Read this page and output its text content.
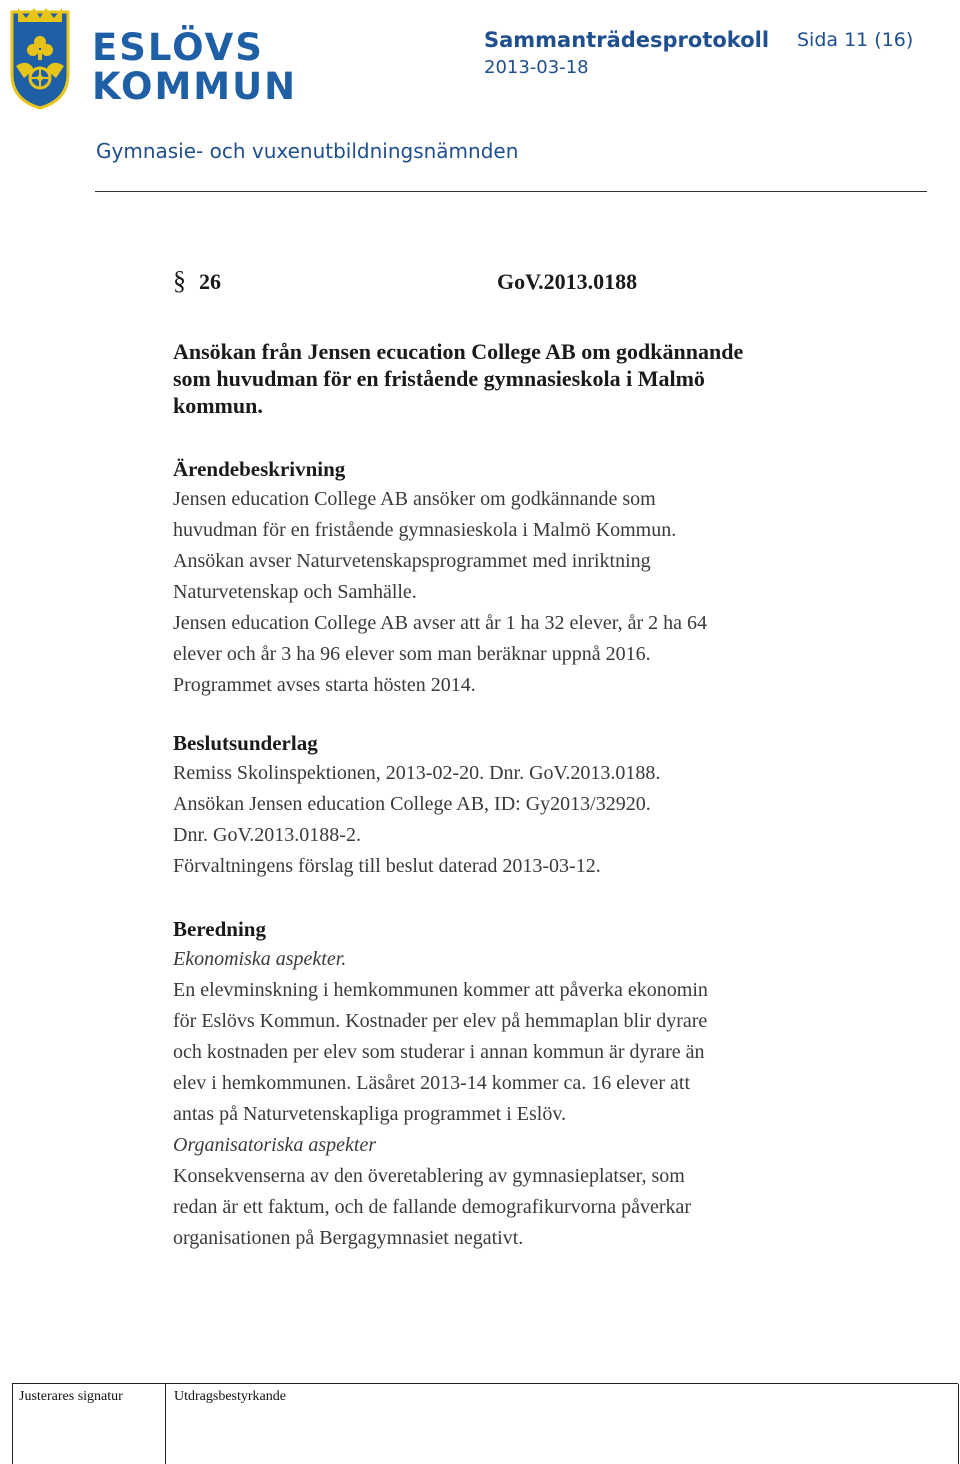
ESLÖVS
KOMMUN
Sammanträdesprotokoll Sida 11 (16)
2013-03-18
Gymnasie- och vuxenutbildningsnämnden
§ 26	GoV.2013.0188
Ansökan från Jensen ecucation College AB om godkännande
som huvudman för en fristående gymnasieskola i Malmö
kommun.
Ärendebeskrivning
Jensen education College AB ansöker om godkännande som
huvudman för en fristående gymnasieskola i Malmö Kommun.
Ansökan avser Naturvetenskapsprogrammet med inriktning
Naturvetenskap och Samhälle.
Jensen education College AB avser att år 1 ha 32 elever, år 2 ha 64
elever och år 3 ha 96 elever som man beräknar uppnå 2016.
Programmet avses starta hösten 2014.
Beslutsunderlag
Remiss Skolinspektionen, 2013-02-20. Dnr. GoV.2013.0188.
Ansökan Jensen education College AB, ID: Gy2013/32920.
Dnr. GoV.2013.0188-2.
Förvaltningens förslag till beslut daterad 2013-03-12.
Beredning
Ekonomiska aspekter.
En elevminskning i hemkommunen kommer att påverka ekonomin
för Eslövs Kommun. Kostnader per elev på hemmaplan blir dyrare
och kostnaden per elev som studerar i annan kommun är dyrare än
elev i hemkommunen. Läsåret 2013-14 kommer ca. 16 elever att
antas på Naturvetenskapliga programmet i Eslöv.
Organisatoriska aspekter
Konsekvenserna av den överetablering av gymnasieplatser, som
redan är ett faktum, och de fallande demografikurvorna påverkar
organisationen på Bergagymnasiet negativt.
Justerares signatur	Utdragsbestyrkande
